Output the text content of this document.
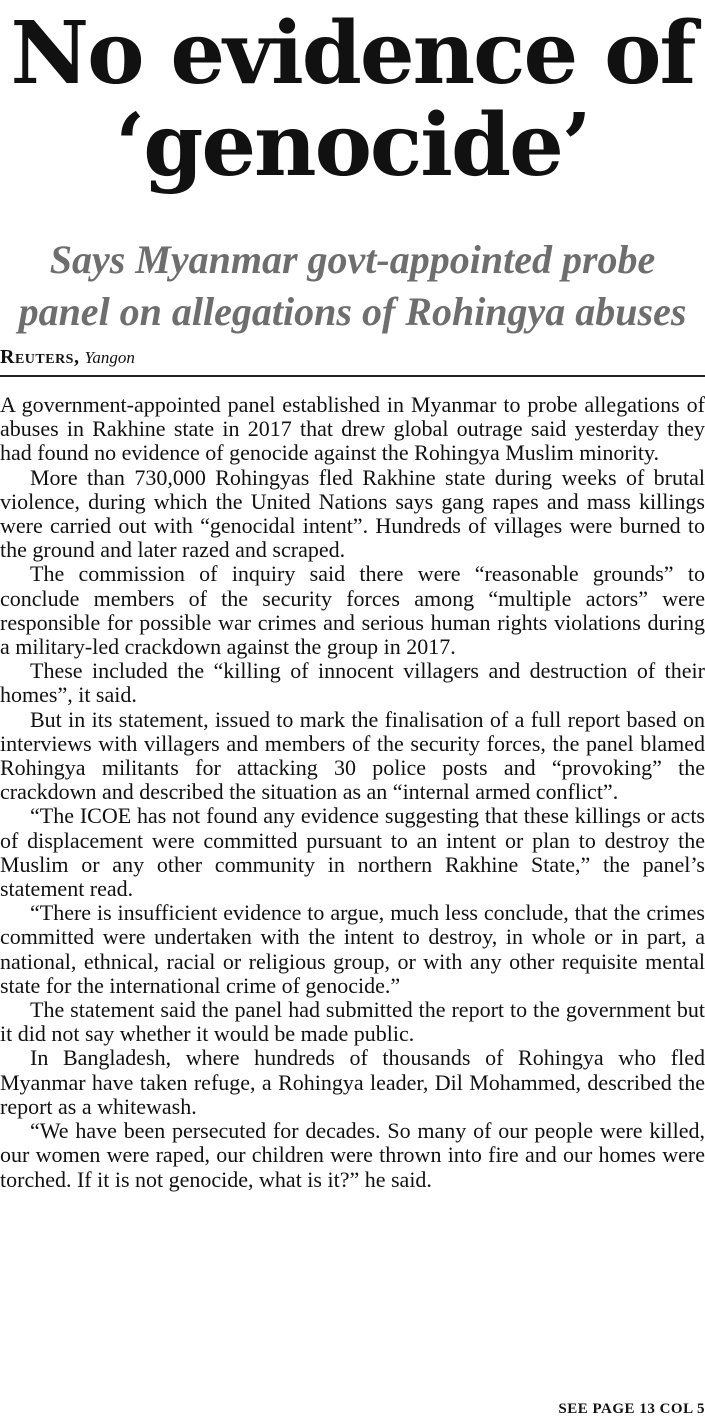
No evidence of
‘genocide’
Says Myanmar govt-appointed probe
panel on allegations of Rohingya abuses
Reuters, Yangon

A government-appointed panel established in Myanmar to probe allegations of abuses in Rakhine state in 2017 that drew global outrage said yesterday they had found no evidence of genocide against the Rohingya Muslim minority.

More than 730,000 Rohingyas fled Rakhine state during weeks of brutal violence, during which the United Nations says gang rapes and mass killings were carried out with “genocidal intent”. Hundreds of villages were burned to the ground and later razed and scraped.

The commission of inquiry said there were “reasonable grounds” to conclude members of the security forces among “multiple actors” were responsible for possible war crimes and serious human rights violations during a military-led crackdown against the group in 2017.

These included the “killing of innocent villagers and destruction of their homes”, it said.

But in its statement, issued to mark the finalisation of a full report based on interviews with villagers and members of the security forces, the panel blamed Rohingya militants for attacking 30 police posts and “provoking” the crackdown and described the situation as an “internal armed conflict”.

“The ICOE has not found any evidence suggesting that these killings or acts of displacement were committed pursuant to an intent or plan to destroy the Muslim or any other community in northern Rakhine State,” the panel’s statement read.

“There is insufficient evidence to argue, much less conclude, that the crimes committed were undertaken with the intent to destroy, in whole or in part, a national, ethnical, racial or religious group, or with any other requisite mental state for the international crime of genocide.”

The statement said the panel had submitted the report to the government but it did not say whether it would be made public.

In Bangladesh, where hundreds of thousands of Rohingya who fled Myanmar have taken refuge, a Rohingya leader, Dil Mohammed, described the report as a whitewash.

“We have been persecuted for decades. So many of our people were killed, our women were raped, our children were thrown into fire and our homes were torched. If it is not genocide, what is it?” he said.

SEE PAGE 13 COL 5
